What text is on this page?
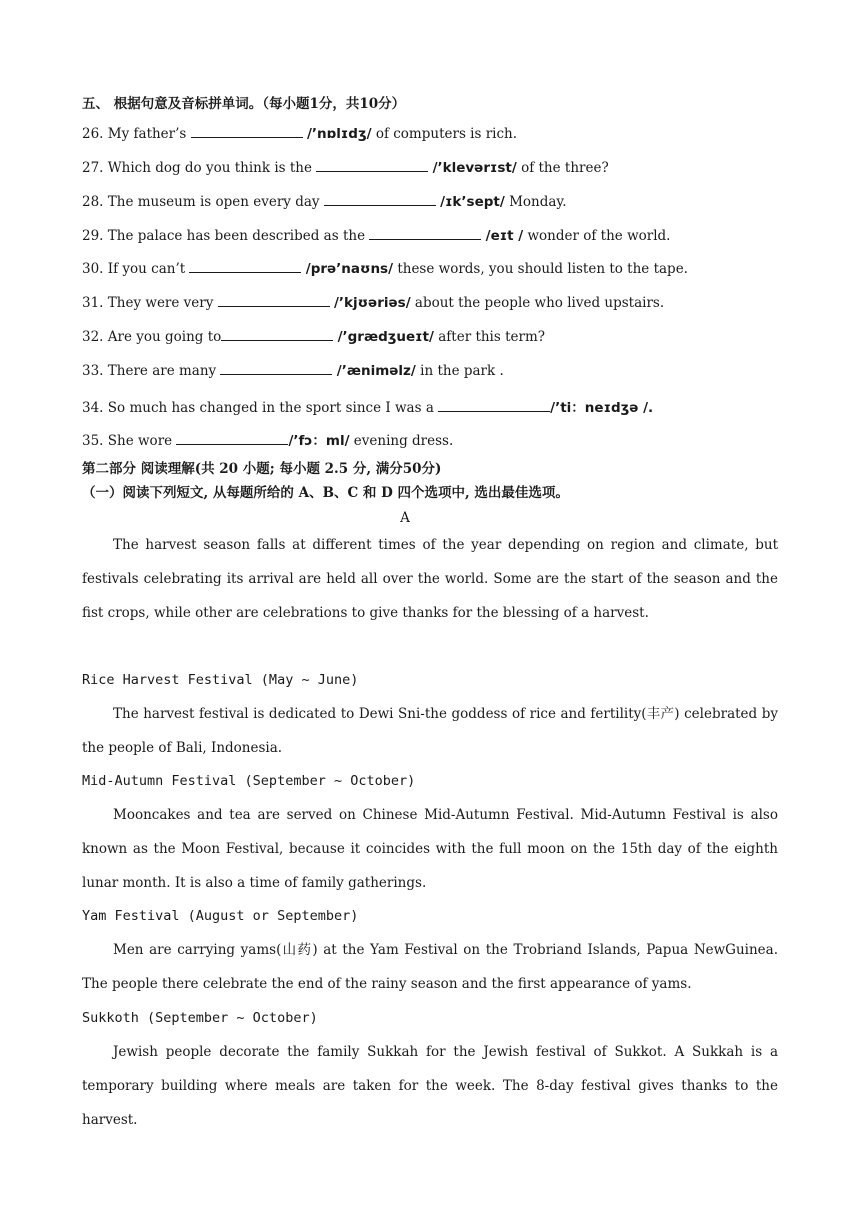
五、 根据句意及音标拼单词。（每小题1分，共10分）
26. My father’s	/’nɒlɪdʒ/ of computers is rich.
27. Which dog do you think is the	/’klevərɪst/ of the three?
28. The museum is open every day	/ɪk’sept/ Monday.
29. The palace has been described as the	/eɪt / wonder of the world.
30. If you can’t	/prə’naʊns/ these words, you should listen to the tape.
31. They were very	/’kjʊəriəs/ about the people who lived upstairs.
32. Are you going to	/’grædʒueɪt/ after this term?
33. There are many	/’ænimәlz/ in the park .
34. So much has changed in the sport since I was a	/’ti：neɪdʒə /.
35. She wore	/’fɔ：ml/ evening dress.
第二部分 阅读理解(共 20 小题; 每小题 2.5 分, 满分50分)
（一）阅读下列短文, 从每题所给的 A、B、C 和 D 四个选项中, 选出最佳选项。
A
The harvest season falls at different times of the year depending on region and climate, but festivals celebrating its arrival are held all over the world. Some are the start of the season and the fist crops, while other are celebrations to give thanks for the blessing of a harvest.
Rice Harvest Festival (May ~ June)
The harvest festival is dedicated to Dewi Sni-the goddess of rice and fertility(丰产) celebrated by the people of Bali, Indonesia.
Mid-Autumn Festival (September ~ October)
Mooncakes and tea are served on Chinese Mid-Autumn Festival. Mid-Autumn Festival is also known as the Moon Festival, because it coincides with the full moon on the 15th day of the eighth lunar month. It is also a time of family gatherings.
Yam Festival (August or September)
Men are carrying yams(山药) at the Yam Festival on the Trobriand Islands, Papua NewGuinea. The people there celebrate the end of the rainy season and the first appearance of yams.
Sukkoth (September ~ October)
Jewish people decorate the family Sukkah for the Jewish festival of Sukkot. A Sukkah is a temporary building where meals are taken for the week. The 8-day festival gives thanks to the harvest.
